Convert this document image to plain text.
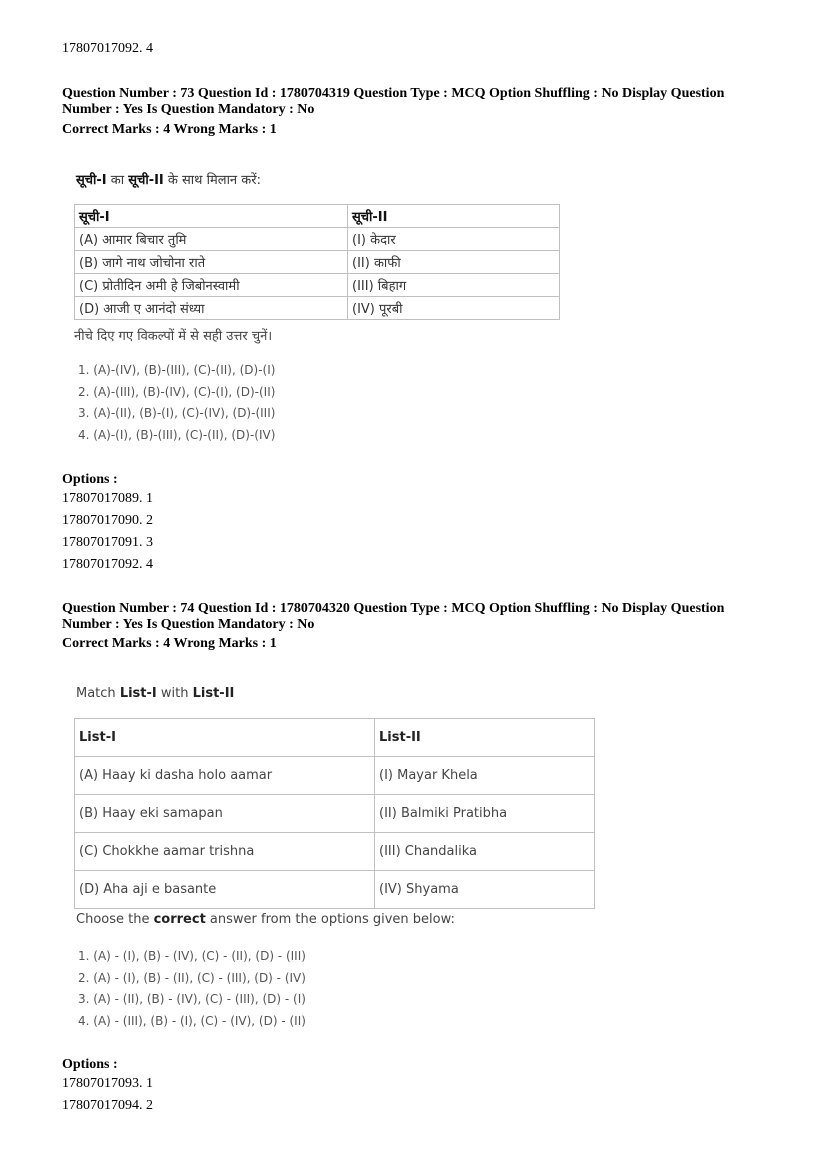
17807017092. 4
Question Number : 73 Question Id : 1780704319 Question Type : MCQ Option Shuffling : No Display Question
Number : Yes Is Question Mandatory : No
Correct Marks : 4 Wrong Marks : 1
सूची-I का सूची-II के साथ मिलान करें:
सूची-I	सूची-II
(A) आमार बिचार तुमि	(I) केदार
(B) जागे नाथ जोचोना राते	(II) काफी
(C) प्रोतीदिन अमी हे जिबोनस्वामी	(III) बिहाग
(D) आजी ए आनंदो संध्या	(IV) पूरबी
नीचे दिए गए विकल्पों में से सही उत्तर चुनें।
1. (A)-(IV), (B)-(III), (C)-(II), (D)-(I)
2. (A)-(III), (B)-(IV), (C)-(I), (D)-(II)
3. (A)-(II), (B)-(I), (C)-(IV), (D)-(III)
4. (A)-(I), (B)-(III), (C)-(II), (D)-(IV)
Options :
17807017089. 1
17807017090. 2
17807017091. 3
17807017092. 4
Question Number : 74 Question Id : 1780704320 Question Type : MCQ Option Shuffling : No Display Question
Number : Yes Is Question Mandatory : No
Correct Marks : 4 Wrong Marks : 1
Match List-I with List-II
List-I	List-II
(A) Haay ki dasha holo aamar	(I) Mayar Khela
(B) Haay eki samapan	(II) Balmiki Pratibha
(C) Chokkhe aamar trishna	(III) Chandalika
(D) Aha aji e basante	(IV) Shyama
Choose the correct answer from the options given below:
1. (A) - (I), (B) - (IV), (C) - (II), (D) - (III)
2. (A) - (I), (B) - (II), (C) - (III), (D) - (IV)
3. (A) - (II), (B) - (IV), (C) - (III), (D) - (I)
4. (A) - (III), (B) - (I), (C) - (IV), (D) - (II)
Options :
17807017093. 1
17807017094. 2
